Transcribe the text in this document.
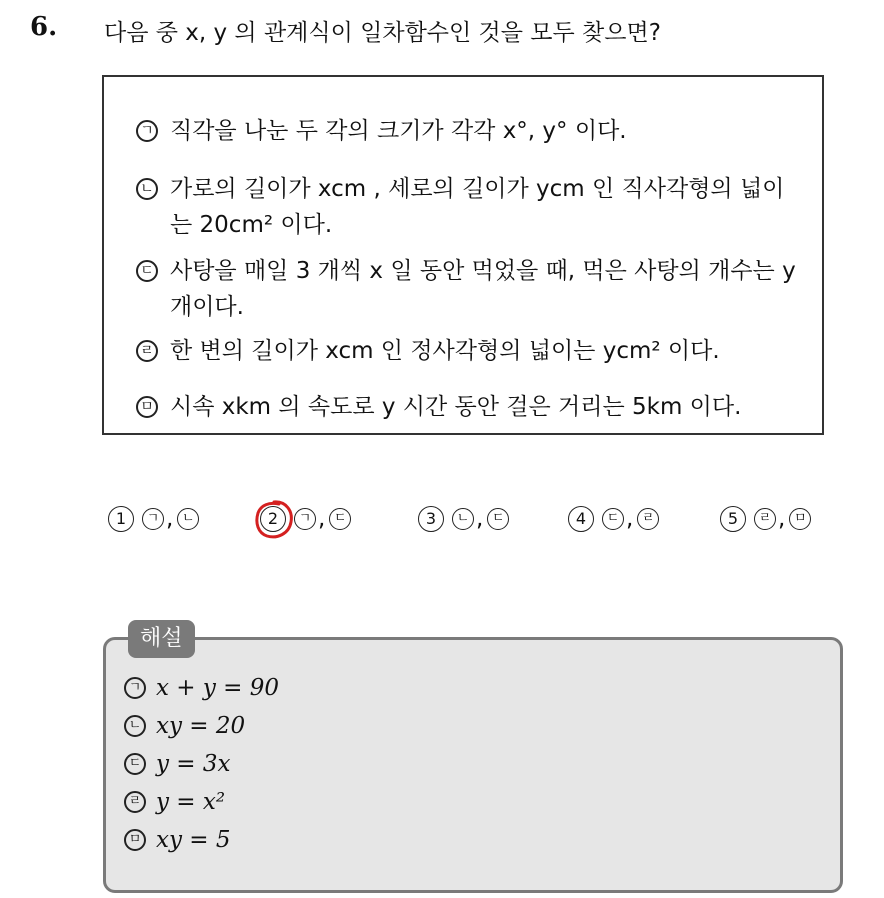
6. 다음 중 x, y 의 관계식이 일차함수인 것을 모두 찾으면?
ㄱ 직각을 나눈 두 각의 크기가 각각 x°, y° 이다.
ㄴ 가로의 길이가 xcm , 세로의 길이가 ycm 인 직사각형의 넓이는 20cm² 이다.
ㄷ 사탕을 매일 3 개씩 x 일 동안 먹었을 때, 먹은 사탕의 개수는 y 개이다.
ㄹ 한 변의 길이가 xcm 인 정사각형의 넓이는 ycm² 이다.
ㅁ 시속 xkm 의 속도로 y 시간 동안 걸은 거리는 5km 이다.
1 ㄱ , ㄴ	2 ㄱ , ㄷ	3 ㄴ , ㄷ	4 ㄷ , ㄹ	5 ㄹ , ㅁ
해설
ㄱ x + y = 90
ㄴ xy = 20
ㄷ y = 3x
ㄹ y = x²
ㅁ xy = 5
